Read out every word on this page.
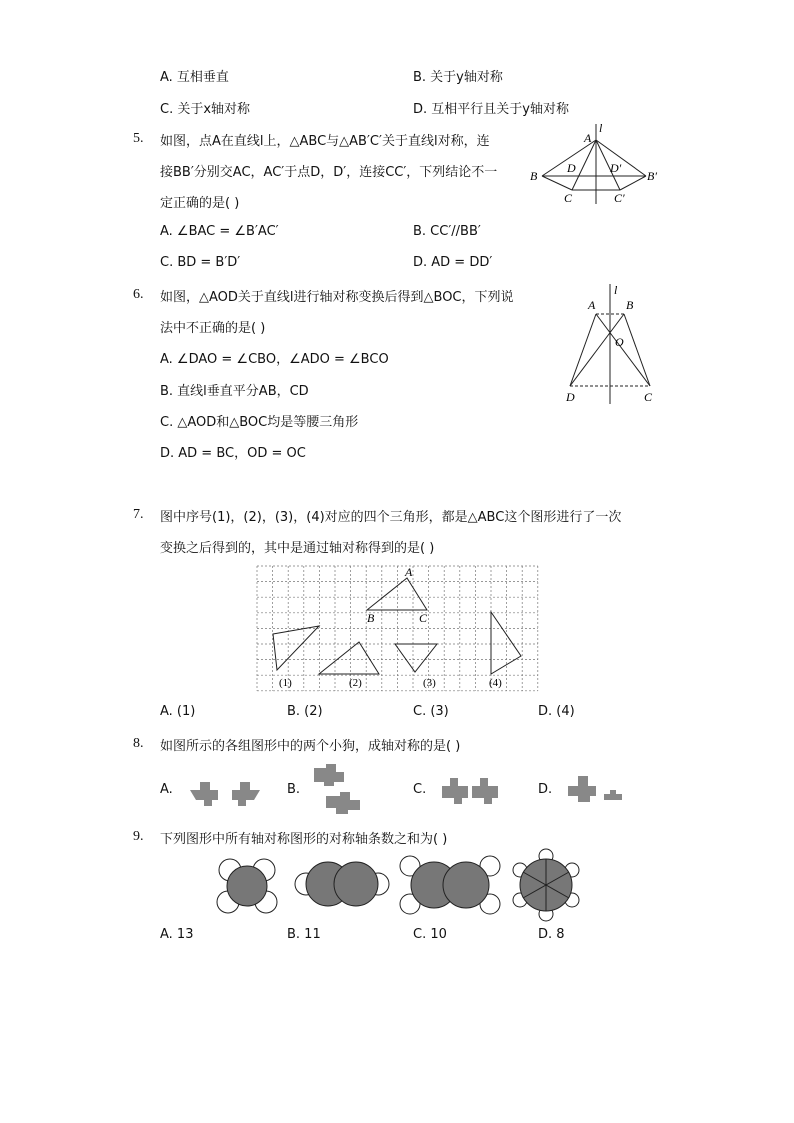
A. 互相垂直	B. 关于y轴对称
C. 关于x轴对称	D. 互相平行且关于y轴对称
5. 如图，点A在直线l上，△ABC与△AB′C′关于直线l对称，连
接BB′分别交AC，AC′于点D，D′，连接CC′，下列结论不一
定正确的是( )
A. ∠BAC = ∠B′AC′	B. CC′//BB′
C. BD = B′D′	D. AD = DD′
l
A
B
D	D′
B′
C	C′
6. 如图，△AOD关于直线l进行轴对称变换后得到△BOC，下列说
法中不正确的是( )
A. ∠DAO = ∠CBO，∠ADO = ∠BCO
B. 直线l垂直平分AB，CD
C. △AOD和△BOC均是等腰三角形
D. AD = BC，OD = OC
l
A	B
O
D	C
7. 图中序号(1)，(2)，(3)，(4)对应的四个三角形，都是△ABC这个图形进行了一次
变换之后得到的，其中是通过轴对称得到的是( )
A
B	C
(1)	(2)	(3)	(4)
A. (1)	B. (2)	C. (3)	D. (4)
8. 如图所示的各组图形中的两个小狗，成轴对称的是( )
A.	B.	C.	D.
9. 下列图形中所有轴对称图形的对称轴条数之和为( )
A. 13	B. 11	C. 10	D. 8
